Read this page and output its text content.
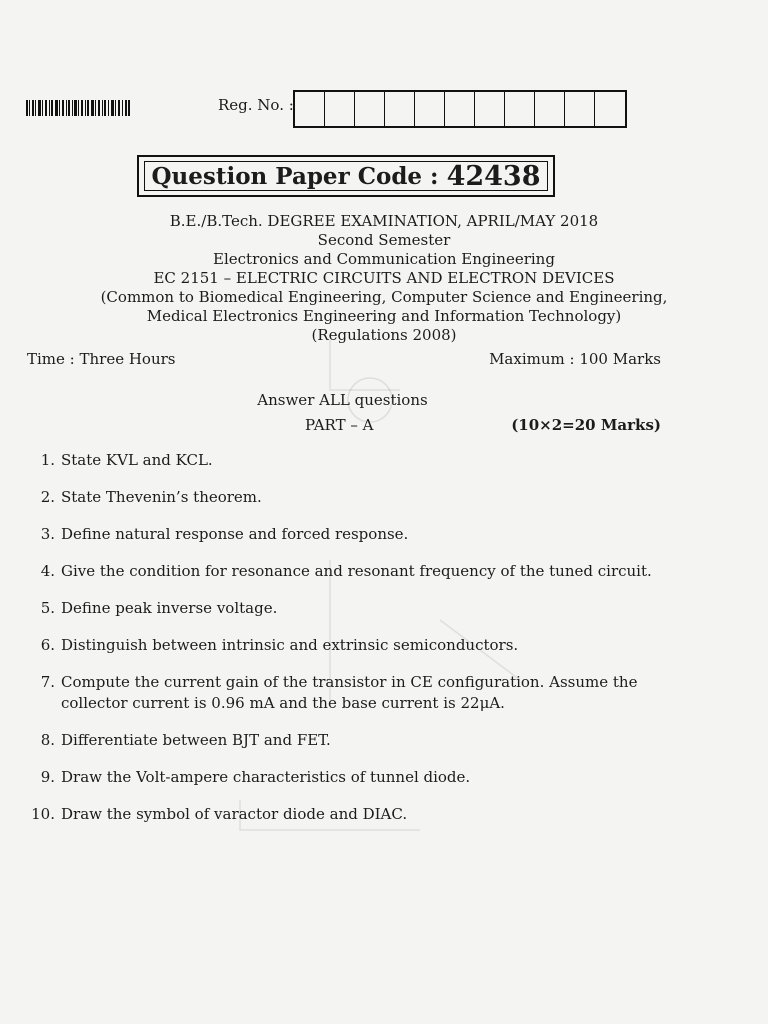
Reg. No. :
Question Paper Code : 42438
B.E./B.Tech. DEGREE EXAMINATION, APRIL/MAY 2018
Second Semester
Electronics and Communication Engineering
EC 2151 – ELECTRIC CIRCUITS AND ELECTRON DEVICES
(Common to Biomedical Engineering, Computer Science and Engineering,
Medical Electronics Engineering and Information Technology)
(Regulations 2008)
Time : Three Hours	Maximum : 100 Marks
Answer ALL questions
PART – A	(10×2=20 Marks)
1. State KVL and KCL.
2. State Thevenin’s theorem.
3. Define natural response and forced response.
4. Give the condition for resonance and resonant frequency of the tuned circuit.
5. Define peak inverse voltage.
6. Distinguish between intrinsic and extrinsic semiconductors.
7. Compute the current gain of the transistor in CE configuration. Assume the collector current is 0.96 mA and the base current is 22μA.
8. Differentiate between BJT and FET.
9. Draw the Volt-ampere characteristics of tunnel diode.
10. Draw the symbol of varactor diode and DIAC.
